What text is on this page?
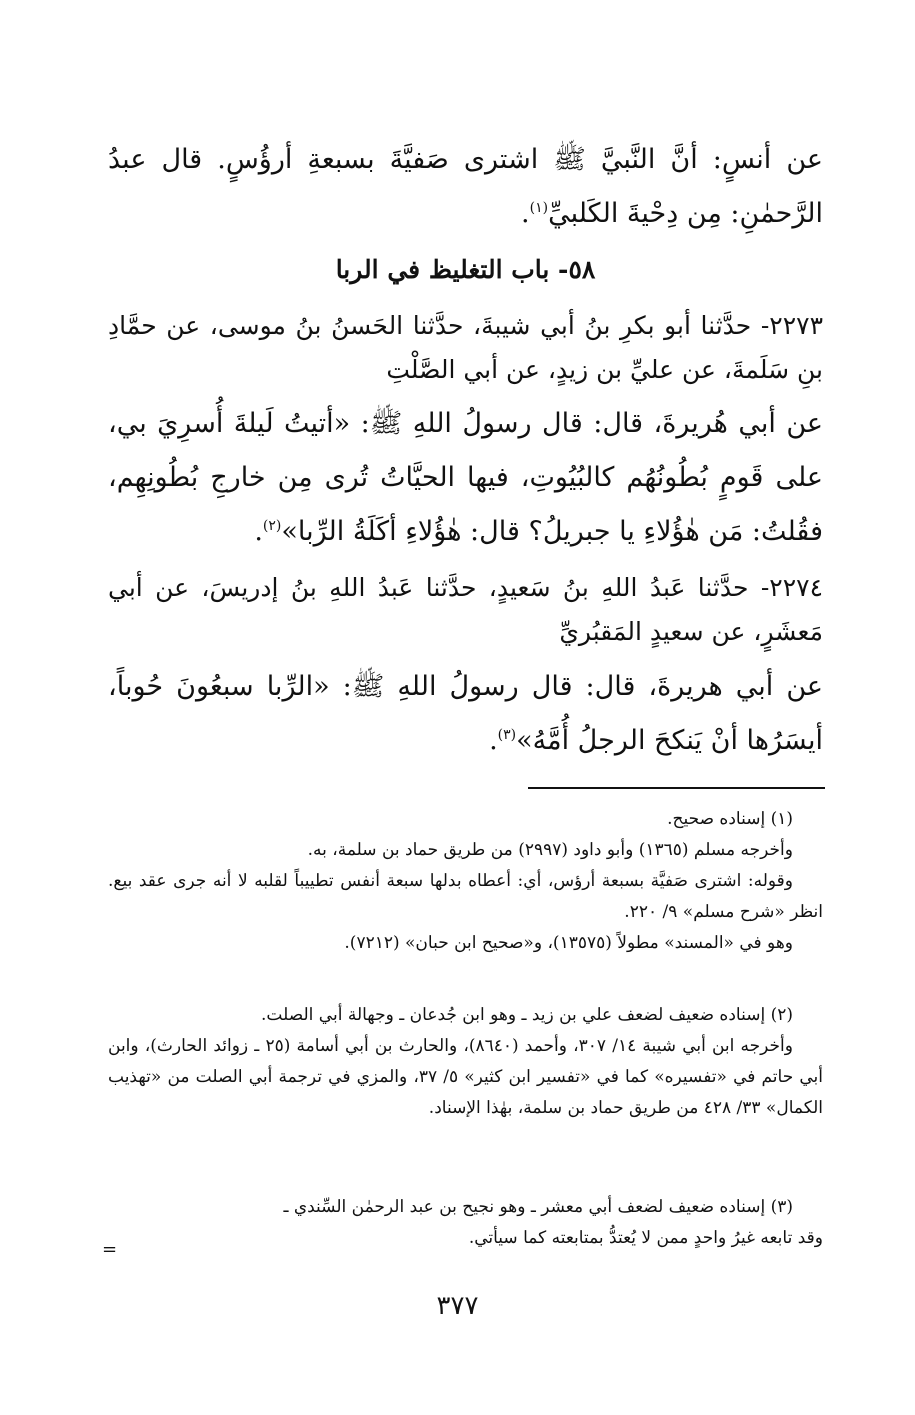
عن أنسٍ: أنَّ النَّبيَّ ﷺ اشترى صَفيَّةَ بسبعةِ أرؤُسٍ. قال عبدُ الرَّحمٰنِ: مِن دِحْيةَ الكَلبيِّ$^{(١)}$.
٥٨- باب التغليظ في الربا
٢٢٧٣- حدَّثنا أبو بكرِ بنُ أبي شيبةَ، حدَّثنا الحَسنُ بنُ موسى، عن حمَّادِ بنِ سَلَمةَ، عن عليِّ بن زيدٍ، عن أبي الصَّلْتِ
عن أبي هُريرةَ، قال: قال رسولُ اللهِ ﷺ: «أتيتُ لَيلةَ أُسرِيَ بي، على قَومٍ بُطُونُهُم كالبُيُوتِ، فيها الحيَّاتُ تُرى مِن خارجِ بُطُونِهِم، فقُلتُ: مَن هٰؤُلاءِ يا جبريلُ؟ قال: هٰؤُلاءِ أكَلَةُ الرِّبا»$^{(٢)}$.
٢٢٧٤- حدَّثنا عَبدُ اللهِ بنُ سَعيدٍ، حدَّثنا عَبدُ اللهِ بنُ إدريسَ، عن أبي مَعشَرٍ، عن سعيدٍ المَقبُريِّ
عن أبي هريرةَ، قال: قال رسولُ اللهِ ﷺ: «الرِّبا سبعُونَ حُوباً، أيسَرُها أنْ يَنكحَ الرجلُ أُمَّهُ»$^{(٣)}$.

(١) إسناده صحيح.

وأخرجه مسلم (١٣٦٥) وأبو داود (٢٩٩٧) من طريق حماد بن سلمة، به.

وقوله: اشترى صَفيَّة بسبعة أرؤس، أي: أعطاه بدلها سبعة أنفس تطييباً لقلبه لا أنه جرى عقد بيع. انظر «شرح مسلم» ٩/ ٢٢٠.

وهو في «المسند» مطولاً (١٣٥٧٥)، و«صحيح ابن حبان» (٧٢١٢).

(٢) إسناده ضعيف لضعف علي بن زيد ـ وهو ابن جُدعان ـ وجهالة أبي الصلت.

وأخرجه ابن أبي شيبة ١٤/ ٣٠٧، وأحمد (٨٦٤٠)، والحارث بن أبي أسامة (٢٥ ـ زوائد الحارث)، وابن أبي حاتم في «تفسيره» كما في «تفسير ابن كثير» ٥/ ٣٧، والمزي في ترجمة أبي الصلت من «تهذيب الكمال» ٣٣/ ٤٢٨ من طريق حماد بن سلمة، بهٰذا الإسناد.

(٣) إسناده ضعيف لضعف أبي معشر ـ وهو نجيح بن عبد الرحمٰن السِّندي ـ

وقد تابعه غيرُ واحدٍ ممن لا يُعتدُّ بمتابعته كما سيأتي.

=
٣٧٧
